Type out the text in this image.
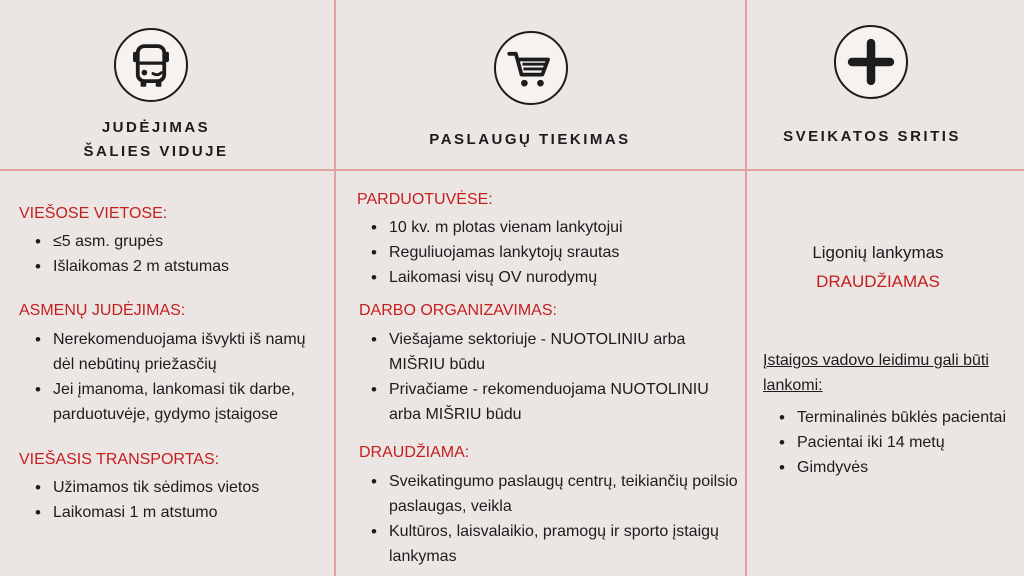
JUDĖJIMAS
ŠALIES VIDUJE
PASLAUGŲ TIEKIMAS	SVEIKATOS SRITIS
VIEŠOSE VIETOSE:
• ≤5 asm. grupės
• Išlaikomas 2 m atstumas
ASMENŲ JUDĖJIMAS:
• Nerekomenduojama išvykti iš namų dėl nebūtinų priežasčių
• Jei įmanoma, lankomasi tik darbe, parduotuvėje, gydymo įstaigose
VIEŠASIS TRANSPORTAS:
• Užimamos tik sėdimos vietos
• Laikomasi 1 m atstumo
PARDUOTUVĖSE:
• 10 kv. m plotas vienam lankytojui
• Reguliuojamas lankytojų srautas
• Laikomasi visų OV nurodymų
DARBO ORGANIZAVIMAS:
• Viešajame sektoriuje - NUOTOLINIU arba MIŠRIU būdu
• Privačiame - rekomenduojama NUOTOLINIU arba MIŠRIU būdu
DRAUDŽIAMA:
• Sveikatingumo paslaugų centrų, teikiančių poilsio paslaugas, veikla
• Kultūros, laisvalaikio, pramogų ir sporto įstaigų lankymas
Ligonių lankymas
DRAUDŽIAMAS
Įstaigos vadovo leidimu gali būti lankomi:
• Terminalinės būklės pacientai
• Pacientai iki 14 metų
• Gimdyvės
